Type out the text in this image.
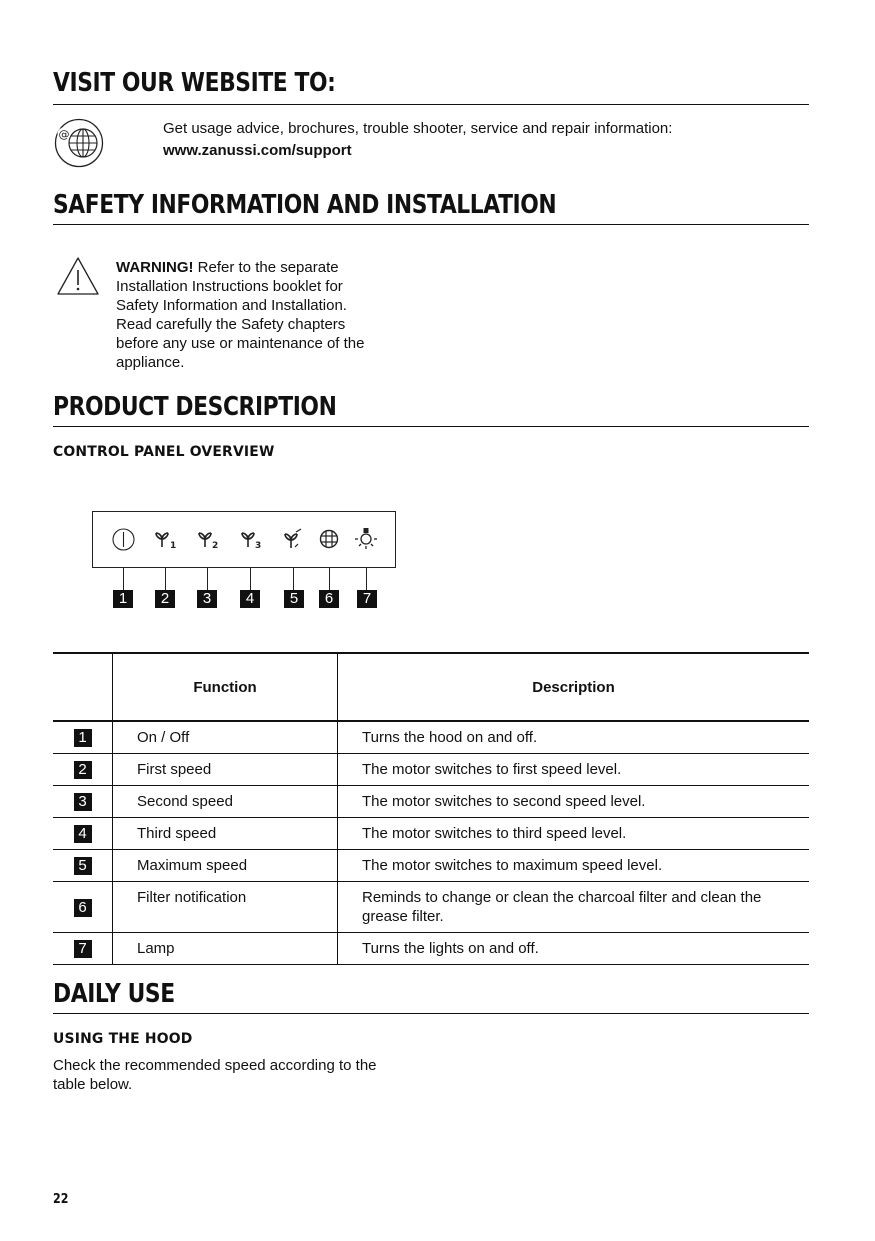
VISIT OUR WEBSITE TO:
@	Get usage advice, brochures, trouble shooter, service and repair information:
www.zanussi.com/support
SAFETY INFORMATION AND INSTALLATION
WARNING! Refer to the separate
Installation Instructions booklet for
Safety Information and Installation.
Read carefully the Safety chapters
before any use or maintenance of the
appliance.
PRODUCT DESCRIPTION
CONTROL PANEL OVERVIEW
1	2	3
1	2	3	4	5	6	7
	Function	Description
1	On / Off	Turns the hood on and off.
2	First speed	The motor switches to first speed level.
3	Second speed	The motor switches to second speed level.
4	Third speed	The motor switches to third speed level.
5	Maximum speed	The motor switches to maximum speed level.
6	Filter notification	Reminds to change or clean the charcoal filter and clean the grease filter.
7	Lamp	Turns the lights on and off.
DAILY USE
USING THE HOOD
Check the recommended speed according to the
table below.
22
